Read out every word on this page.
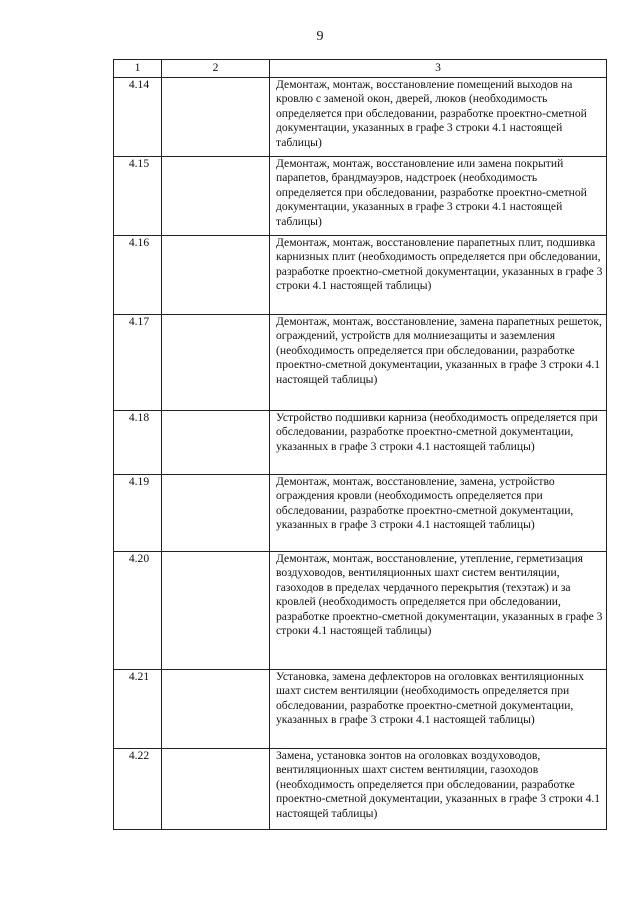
9
1	2	3
4.14		Демонтаж, монтаж, восстановление помещений выходов на кровлю с заменой окон, дверей, люков (необходимость определяется при обследовании, разработке проектно-сметной документации, указанных в графе 3 строки 4.1 настоящей таблицы)
4.15		Демонтаж, монтаж, восстановление или замена покрытий парапетов, брандмауэров, надстроек (необходимость определяется при обследовании, разработке проектно-сметной документации, указанных в графе 3 строки 4.1 настоящей таблицы)
4.16		Демонтаж, монтаж, восстановление парапетных плит, подшивка карнизных плит (необходимость определяется при обследовании, разработке проектно-сметной документации, указанных в графе 3 строки 4.1 настоящей таблицы)
4.17		Демонтаж, монтаж, восстановление, замена парапетных решеток, ограждений, устройств для молниезащиты и заземления (необходимость определяется при обследовании, разработке проектно-сметной документации, указанных в графе 3 строки 4.1 настоящей таблицы)
4.18		Устройство подшивки карниза (необходимость определяется при обследовании, разработке проектно-сметной документации, указанных в графе 3 строки 4.1 настоящей таблицы)
4.19		Демонтаж, монтаж, восстановление, замена, устройство ограждения кровли (необходимость определяется при обследовании, разработке проектно-сметной документации, указанных в графе 3 строки 4.1 настоящей таблицы)
4.20		Демонтаж, монтаж, восстановление, утепление, герметизация воздуховодов, вентиляционных шахт систем вентиляции, газоходов в пределах чердачного перекрытия (техэтаж) и за кровлей (необходимость определяется при обследовании, разработке проектно-сметной документации, указанных в графе 3 строки 4.1 настоящей таблицы)
4.21		Установка, замена дефлекторов на оголовках вентиляционных шахт систем вентиляции (необходимость определяется при обследовании, разработке проектно-сметной документации, указанных в графе 3 строки 4.1 настоящей таблицы)
4.22		Замена, установка зонтов на оголовках воздуховодов, вентиляционных шахт систем вентиляции, газоходов (необходимость определяется при обследовании, разработке проектно-сметной документации, указанных в графе 3 строки 4.1 настоящей таблицы)
